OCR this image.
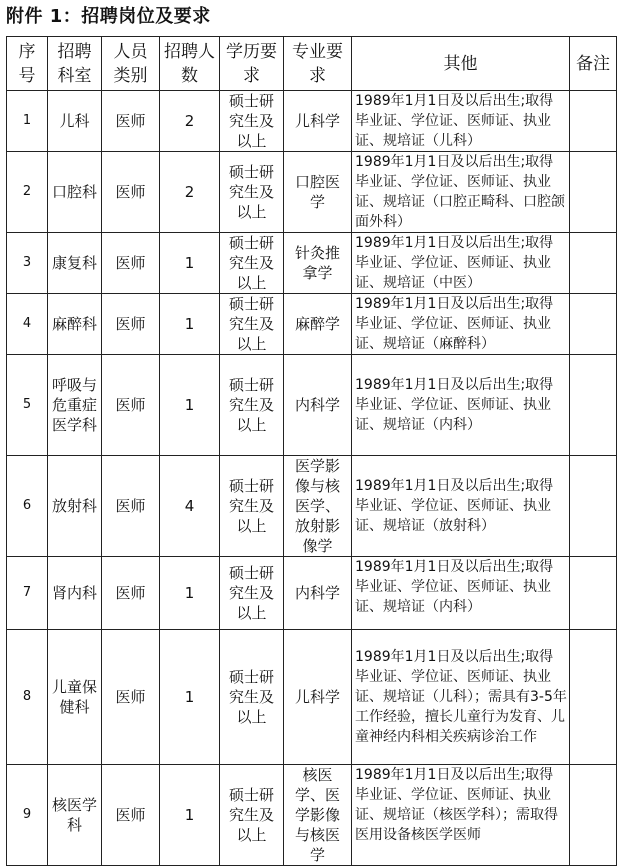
附件 1：招聘岗位及要求
序号	招聘科室	人员类别	招聘人数	学历要求	专业要求	其他	备注

1	儿科	医师	2	硕士研究生及以上	儿科学	1989年1月1日及以后出生;取得毕业证、学位证、医师证、执业证、规培证（儿科）	
2	口腔科	医师	2	硕士研究生及以上	口腔医学	1989年1月1日及以后出生;取得毕业证、学位证、医师证、执业证、规培证（口腔正畸科、口腔颌面外科）	
3	康复科	医师	1	硕士研究生及以上	针灸推拿学	1989年1月1日及以后出生;取得毕业证、学位证、医师证、执业证、规培证（中医）	
4	麻醉科	医师	1	硕士研究生及以上	麻醉学	1989年1月1日及以后出生;取得毕业证、学位证、医师证、执业证、规培证（麻醉科）	
5	呼吸与危重症医学科	医师	1	硕士研究生及以上	内科学	1989年1月1日及以后出生;取得毕业证、学位证、医师证、执业证、规培证（内科）	
6	放射科	医师	4	硕士研究生及以上	医学影像与核医学、放射影像学	1989年1月1日及以后出生;取得毕业证、学位证、医师证、执业证、规培证（放射科）	
7	肾内科	医师	1	硕士研究生及以上	内科学	1989年1月1日及以后出生;取得毕业证、学位证、医师证、执业证、规培证（内科）	
8	儿童保健科	医师	1	硕士研究生及以上	儿科学	1989年1月1日及以后出生;取得毕业证、学位证、医师证、执业证、规培证（儿科）；需具有3-5年工作经验，擅长儿童行为发育、儿童神经内科相关疾病诊治工作	
9	核医学科	医师	1	硕士研究生及以上	核医学、医学影像与核医学	1989年1月1日及以后出生;取得毕业证、学位证、医师证、执业证、规培证（核医学科）；需取得医用设备核医学医师	
